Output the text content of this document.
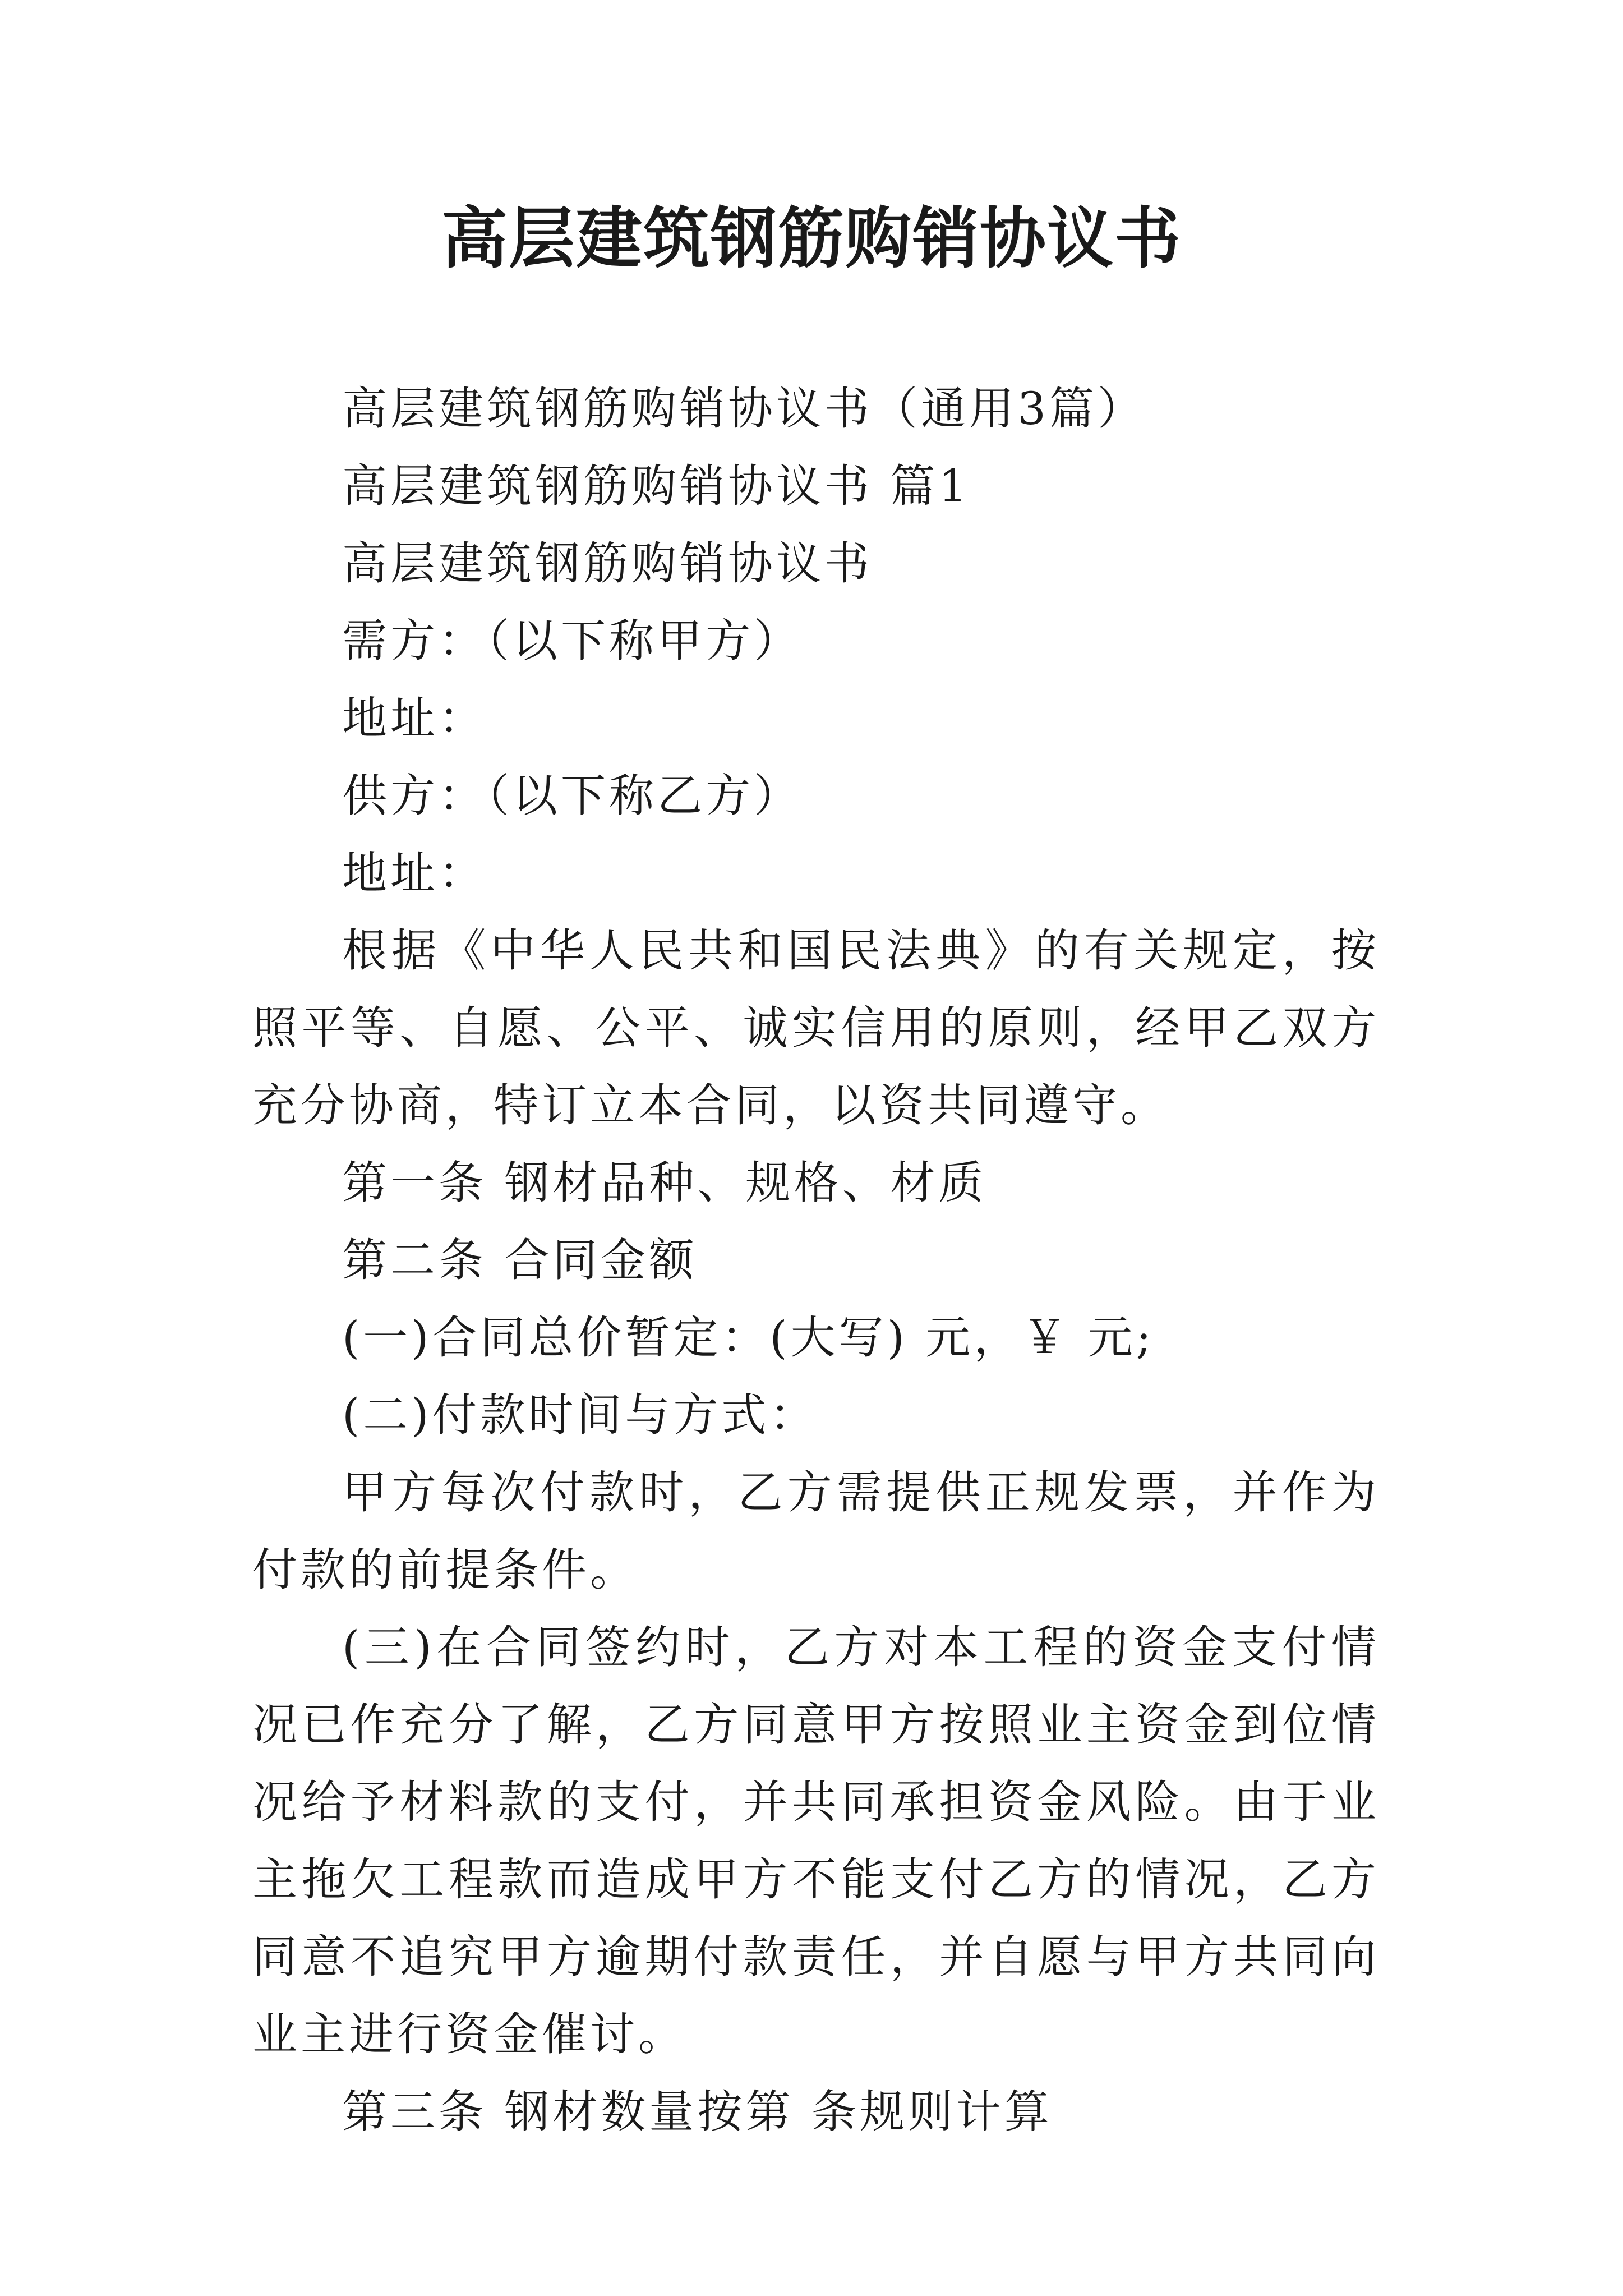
高层建筑钢筋购销协议书

高层建筑钢筋购销协议书（通用3篇）

高层建筑钢筋购销协议书 篇1

高层建筑钢筋购销协议书

需方：（以下称甲方）

地址：

供方：（以下称乙方）

地址：

根据《中华人民共和国民法典》的有关规定，按照平等、自愿、公平、诚实信用的原则，经甲乙双方充分协商，特订立本合同，以资共同遵守。

第一条 钢材品种、规格、材质

第二条 合同金额

(一)合同总价暂定：(大写) 元，￥ 元;

(二)付款时间与方式：

甲方每次付款时，乙方需提供正规发票，并作为付款的前提条件。

(三)在合同签约时，乙方对本工程的资金支付情况已作充分了解，乙方同意甲方按照业主资金到位情况给予材料款的支付，并共同承担资金风险。由于业主拖欠工程款而造成甲方不能支付乙方的情况，乙方同意不追究甲方逾期付款责任，并自愿与甲方共同向业主进行资金催讨。

第三条 钢材数量按第 条规则计算
